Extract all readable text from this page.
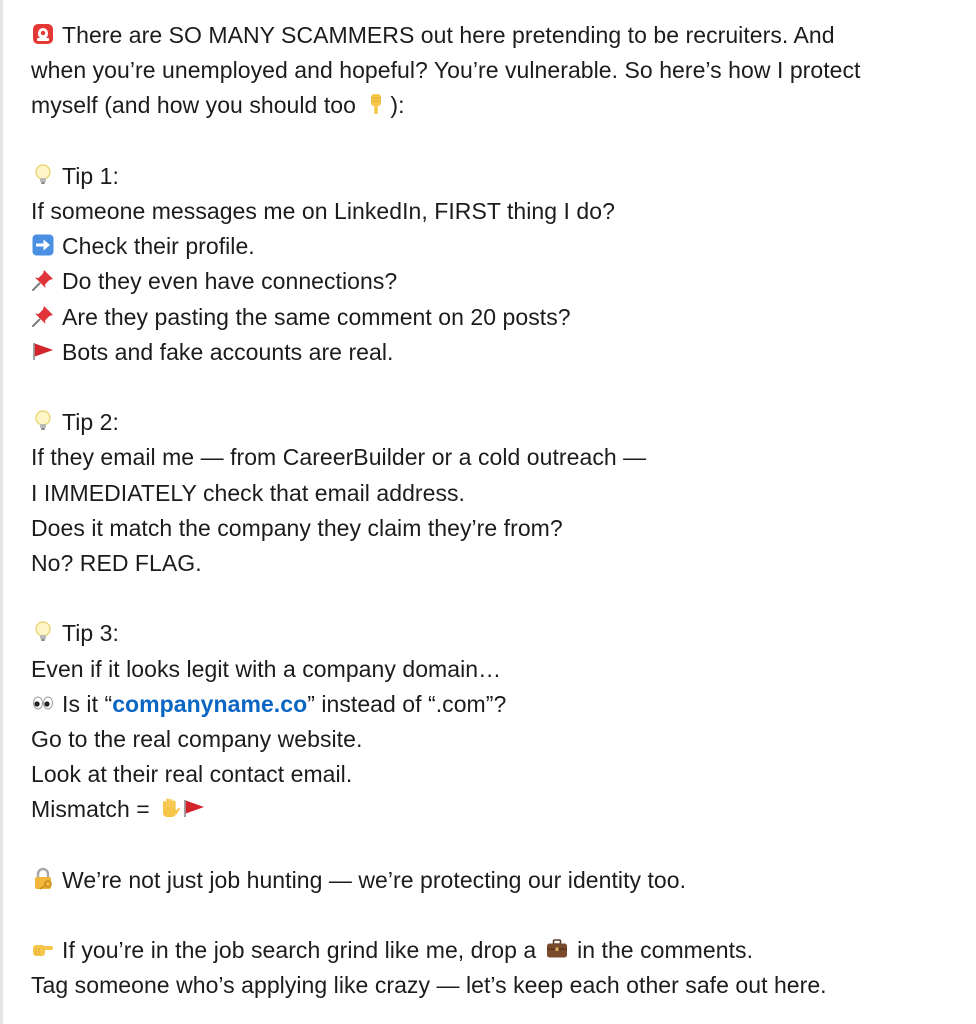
There are SO MANY SCAMMERS out here pretending to be recruiters. And
when you’re unemployed and hopeful? You’re vulnerable. So here’s how I protect
myself (and how you should too ):
Tip 1:
If someone messages me on LinkedIn, FIRST thing I do?
Check their profile.
Do they even have connections?
Are they pasting the same comment on 20 posts?
Bots and fake accounts are real.
Tip 2:
If they email me — from CareerBuilder or a cold outreach —
I IMMEDIATELY check that email address.
Does it match the company they claim they’re from?
No? RED FLAG.
Tip 3:
Even if it looks legit with a company domain…
Is it “companyname.co” instead of “.com”?
Go to the real company website.
Look at their real contact email.
Mismatch =
We’re not just job hunting — we’re protecting our identity too.
If you’re in the job search grind like me, drop a  in the comments.
Tag someone who’s applying like crazy — let’s keep each other safe out here.
